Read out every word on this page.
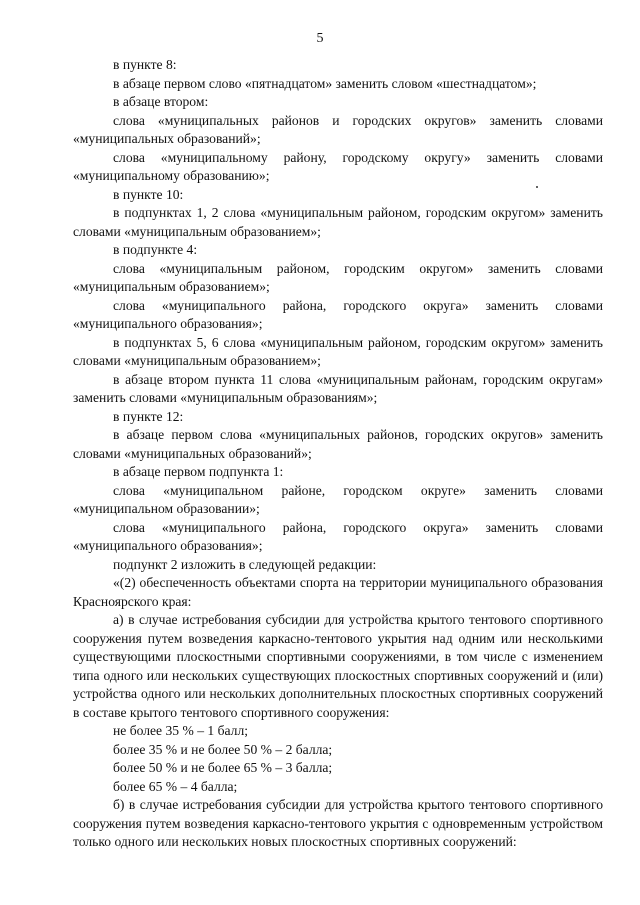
5

в пункте 8:

в абзаце первом слово «пятнадцатом» заменить словом «шестнадцатом»;

в абзаце втором:

слова «муниципальных районов и городских округов» заменить словами «муниципальных образований»;

слова «муниципальному району, городскому округу» заменить словами «муниципальному образованию»;

в пункте 10:

в подпунктах 1, 2 слова «муниципальным районом, городским округом» заменить словами «муниципальным образованием»;

в подпункте 4:

слова «муниципальным районом, городским округом» заменить словами «муниципальным образованием»;

слова «муниципального района, городского округа» заменить словами «муниципального образования»;

в подпунктах 5, 6 слова «муниципальным районом, городским округом» заменить словами «муниципальным образованием»;

в абзаце втором пункта 11 слова «муниципальным районам, городским округам» заменить словами «муниципальным образованиям»;

в пункте 12:

в абзаце первом слова «муниципальных районов, городских округов» заменить словами «муниципальных образований»;

в абзаце первом подпункта 1:

слова «муниципальном районе, городском округе» заменить словами «муниципальном образовании»;

слова «муниципального района, городского округа» заменить словами «муниципального образования»;

подпункт 2 изложить в следующей редакции:

«(2) обеспеченность объектами спорта на территории муниципального образования Красноярского края:

а) в случае истребования субсидии для устройства крытого тентового спортивного сооружения путем возведения каркасно-тентового укрытия над одним или несколькими существующими плоскостными спортивными сооружениями, в том числе с изменением типа одного или нескольких существующих плоскостных спортивных сооружений и (или) устройства одного или нескольких дополнительных плоскостных спортивных сооружений в составе крытого тентового спортивного сооружения:

не более 35 % – 1 балл;

более 35 % и не более 50 % – 2 балла;

более 50 % и не более 65 % – 3 балла;

более 65 % – 4 балла;

б) в случае истребования субсидии для устройства крытого тентового спортивного сооружения путем возведения каркасно-тентового укрытия с одновременным устройством только одного или нескольких новых плоскостных спортивных сооружений:
